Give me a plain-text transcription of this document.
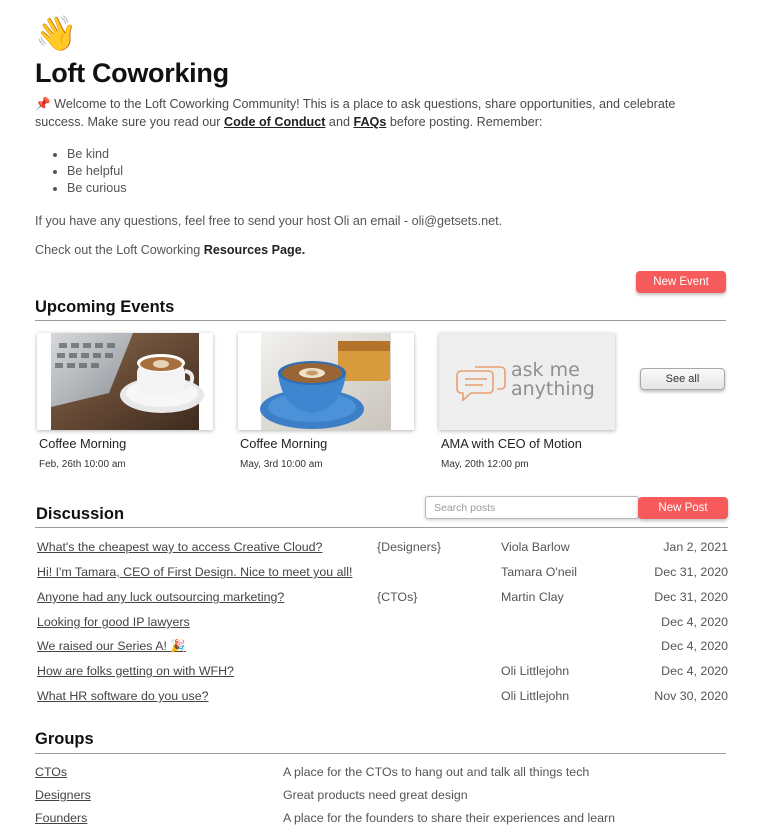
👋
Loft Coworking
📌 Welcome to the Loft Coworking Community! This is a place to ask questions, share opportunities, and celebrate success. Make sure you read our Code of Conduct and FAQs before posting. Remember:
• Be kind
• Be helpful
• Be curious
If you have any questions, feel free to send your host Oli an email - oli@getsets.net.
Check out the Loft Coworking Resources Page.
New Event
Upcoming Events
Coffee Morning
Feb, 26th 10:00 am
Coffee Morning
May, 3rd 10:00 am
ask me
anything
AMA with CEO of Motion
May, 20th 12:00 pm
See all
Discussion
Search posts	New Post
What's the cheapest way to access Creative Cloud?	{Designers}	Viola Barlow	Jan 2, 2021
Hi! I'm Tamara, CEO of First Design. Nice to meet you all!	Tamara O'neil	Dec 31, 2020
Anyone had any luck outsourcing marketing?	{CTOs}	Martin Clay	Dec 31, 2020
Looking for good IP lawyers	Dec 4, 2020
We raised our Series A! 🎉	Dec 4, 2020
How are folks getting on with WFH?	Oli Littlejohn	Dec 4, 2020
What HR software do you use?	Oli Littlejohn	Nov 30, 2020
Groups
CTOs	A place for the CTOs to hang out and talk all things tech
Designers	Great products need great design
Founders	A place for the founders to share their experiences and learn
